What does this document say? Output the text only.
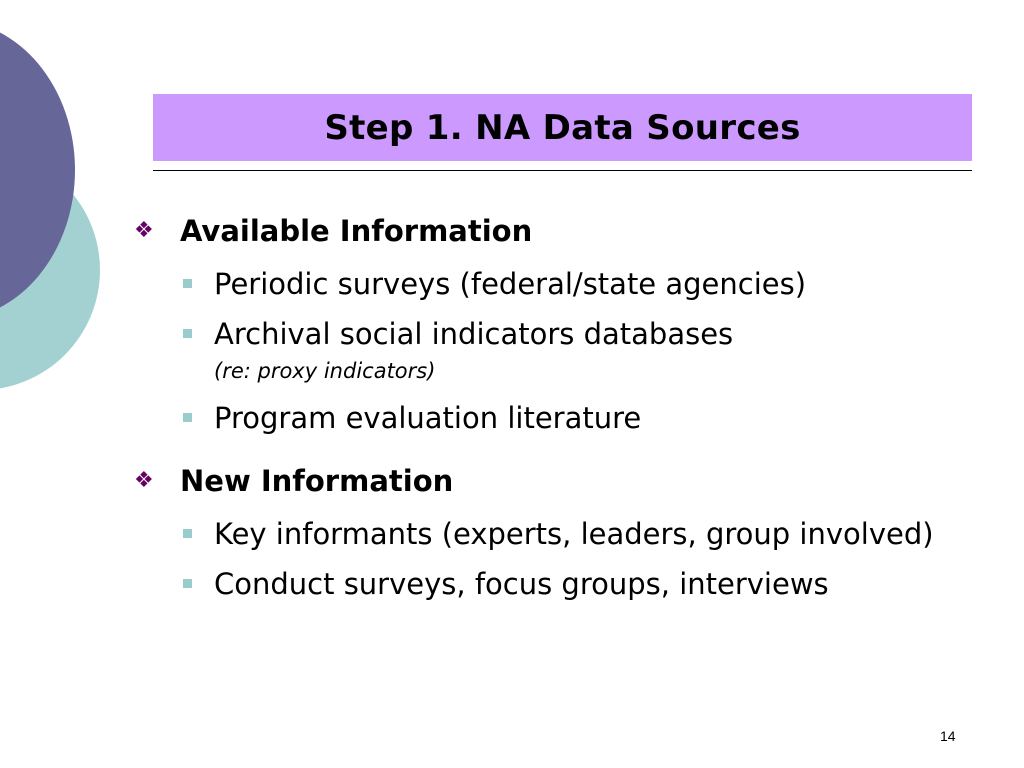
Step 1. NA Data Sources
❖ Available Information
Periodic surveys (federal/state agencies)
Archival social indicators databases
(re: proxy indicators)
Program evaluation literature
❖ New Information
Key informants (experts, leaders, group involved)
Conduct surveys, focus groups, interviews
14
